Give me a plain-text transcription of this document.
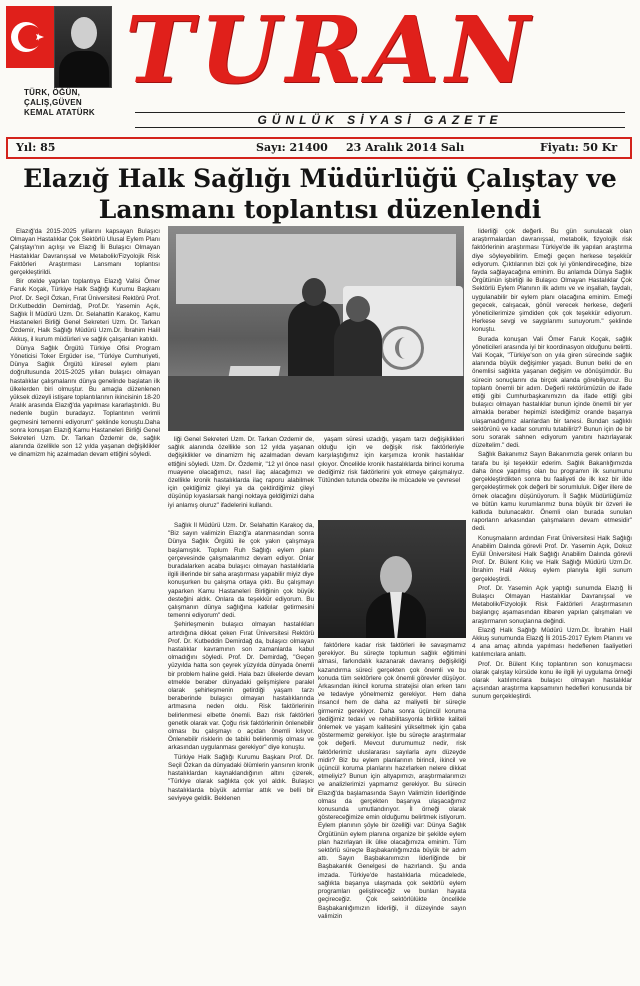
TÜRK, ÖĞÜN,
ÇALIŞ,GÜVEN
KEMAL ATATÜRK
TURAN
GÜNLÜK SİYASİ GAZETE
Yıl: 85	Sayı: 21400 23 Aralık 2014 Salı	Fiyatı: 50 Kr
Elazığ Halk Sağlığı Müdürlüğü Çalıştay ve Lansmanı toplantısı düzenlendi

Elazığ'da 2015-2025 yıllarını kapsayan Bulaşıcı Olmayan Hastalıklar Çok Sektörlü Ulusal Eylem Planı Çalıştayı'nın açılışı ve Elazığ İli Bulaşıcı Olmayan Hastalıklar Davranışsal ve Metabolik/Fizyolojik Risk Faktörleri Araştırması Lansmanı toplantısı gerçekleştirildi.

Bir otelde yapılan toplantıya Elazığ Valisi Ömer Faruk Koçak, Türkiye Halk Sağlığı Kurumu Başkanı Prof. Dr. Seçil Özkan, Fırat Üniversitesi Rektörü Prof. Dr.Kutbeddin Demirdağ, Prof.Dr. Yasemin Açık, Sağlık İl Müdürü Uzm. Dr. Selahattin Karakoç, Kamu Hastaneleri Birliği Genel Sekreteri Uzm. Dr. Tarkan Özdemir, Halk Sağlığı Müdürü Uzm.Dr. İbrahim Halil Akkuş, il kurum müdürleri ve sağlık çalışanları katıldı.

Dünya Sağlık Örgütü Türkiye Ofisi Program Yöneticisi Toker Ergüder ise, "Türkiye Cumhuriyeti, Dünya Sağlık Örgütü küresel eylem planı doğrultusunda 2015-2025 yılları bulaşıcı olmayan hastalıklar çalışmalarını dünya genelinde başlatan ilk ülkelerden biri olmuştur. Bu amaçla düzenlenen yüksek düzeyli istişare toplantılarının ikincisinin 18-20 Aralık arasında Elazığ'da yapılması kararlaştırıldı. Bu nedenle bugün buradayız. Toplantının verimli geçmesini temenni ediyorum" şeklinde konuştu.Daha sonra konuşan Elazığ Kamu Hastaneleri Birliği Genel Sekreteri Uzm. Dr. Tarkan Özdemir de, sağlık alanında özellikle son 12 yılda yaşanan değişiklikler ve dinamizm hiç azalmadan devam ettiğini söyledi.

liği Genel Sekreteri Uzm. Dr. Tarkan Özdemir de, sağlık alanında özellikle son 12 yılda yaşanan değişiklikler ve dinamizm hiç azalmadan devam ettiğini söyledi. Uzm. Dr. Özdemir, "12 yıl önce nasıl muayene olacağımızı, nasıl ilaç alacağımızı ve özellikle kronik hastalıklarda ilaç raporu alabilmek için çektiğimiz çileyi ya da çektirdiğimiz çileyi düşünüp kıyaslarsak hangi noktaya geldiğimizi daha iyi anlamış oluruz" ifadelerini kullandı.

yaşam süresi uzadığı, yaşam tarzı değişiklikleri olduğu için ve değişik risk faktörleriyle karşılaştığımız için karşımıza kronik hastalıklar çıkıyor. Öncelikle kronik hastalıklarda birinci koruma dediğimiz risk faktörlerini yok etmeye çalışmalıyız. Tütünden tutunda obezite ile mücadele ve çevresel

Sağlık İl Müdürü Uzm. Dr. Selahattin Karakoç da, "Biz sayın valimizin Elazığ'a atanmasından sonra Dünya Sağlık Örgütü ile çok yakın çalışmaya başlamıştık. Toplum Ruh Sağlığı eylem planı çerçevesinde çalışmalarımız devam ediyor. Onlar buradalarken acaba bulaşıcı olmayan hastalıklarla ilgili illerinde bir saha araştırması yapabilir miyiz diye konuşurken bu çalışma ortaya çıktı. Bu çalışmayı yaparken Kamu Hastaneleri Birliğinin çok büyük desteğini aldık. Onlara da teşekkür ediyorum. Bu çalışmanın dünya sağlığına katkılar getirmesini temenni ediyorum" dedi.

Şehirleşmenin bulaşıcı olmayan hastalıkları artırdığına dikkat çeken Fırat Üniversitesi Rektörü Prof. Dr. Kutbeddin Demirdağ da, bulaşıcı olmayan hastalıklar kavramının son zamanlarda kabul olmadığını söyledi. Prof. Dr. Demirdağ, "Geçen yüzyılda hatta son çeyrek yüzyılda dünyada önemli bir problem haline geldi. Hala bazı ülkelerde devam etmekle beraber dünyadaki gelişmişlere paralel olarak şehirleşmenin getirdiği yaşam tarzı beraberinde bulaşıcı olmayan hastalıklarında artmasına neden oldu. Risk faktörlerinin belirlenmesi elbette önemli. Bazı risk faktörleri genetik olarak var. Çoğu risk faktörlerinin önlenebilir olması bu çalışmayı o açıdan önemli kılıyor. Önlenebilir risklerin de tabiki belirlenmiş olması ve arkasından uygulanması gerekiyor" diye konuştu.

Türkiye Halk Sağlığı Kurumu Başkanı Prof. Dr. Seçil Özkan da dünyadaki ölümlerin yarısının kronik hastalıklardan kaynaklandığının altını çizerek, "Türkiye olarak sağlıkta çok yol aldık. Bulaşıcı hastalıklarda büyük adımlar attık ve belli bir seviyeye geldik. Beklenen

faktörlere kadar risk faktörleri ile savaşmamız gerekiyor. Bu süreçte toplumun sağlık eğitimini almasi, farkındalık kazanarak davranış değişikliği kazandırma süreci gerçekten çok önemli ve bu konuda tüm sektörlere çok önemli görevler düşüyor. Arkasından ikincil koruma stratejisi olan erken tanı ve tedaviye yönelmemiz gerekiyor. Hem daha insancıl hem de daha az maliyetli bir süreçle girmemiz gerekiyor. Daha sonra üçüncül koruma dediğimiz tedavi ve rehabilitasyonla birlikte kaliteli önlemek ve yaşam kalitesini yükseltmek için çaba göstermemiz gerekiyor. İşte bu süreçte araştırmalar çok değerli. Mevcut durumumuz nedir, risk faktörlerimiz uluslararası sayılarla aynı düzeyde midir? Biz bu eylem planlarının birincil, ikincil ve üçüncül koruma planlarını hazırlarken nelere dikkat etmeliyiz? Bunun için altyapımızı, araştırmalarımızı ve analizlerimizi yapmamız gerekiyor. Bu sürecin Elazığ'da başlamasında Sayın Valimizin liderliğinde olması da gerçekten başarıya ulaşacağımız konusunda umutlandırıyor. İl örneği olarak göstereceğimize emin olduğumu belirtmek istiyorum. Eylem planının şöyle bir özelliği var: Dünya Sağlık Örgütünün eylem planına organize bir şekilde eylem plan hazırlayan ilk ülke olacağımıza eminim. Tüm sektörlü süreçte Başbakanlığımızda büyük bir adım attı. Sayın Başbakanımızın liderliğinde bir Başbakanlık Genelgesi de hazırlandı. Şu anda imzada. Türkiye'de hastalıklarla mücadelede, sağlıkta başarıya ulaşmada çok sektörlü eylem programları geliştireceğiz ve bunları hayata geçireceğiz. Çok sektörlülükte öncelikle Başbakanlığımızın liderliği, il düzeyinde sayın valimizin

liderliği çok değerli. Bu gün sunulacak olan araştırmalardan davranışsal, metabolik, fizyolojik risk faktörlerinin araştırması Türkiye'de ilk yapılan araştırma diye söyleyebilirim. Emeği geçen herkese teşekkür ediyorum. Çıktılarının bizi çok iyi yönlendireceğine, bize fayda sağlayacağına eminim. Bu anlamda Dünya Sağlık Örgütünün işbirliği ile Bulaşıcı Olmayan Hastalıklar Çok Sektörlü Eylem Planının ilk adımı ve ve inşallah, faydalı, uygulanabilir bir eylem planı olacağına eminim. Emeği geçecek, calışacak, gönül verecek herkese, değerli yöneticilerimize şimdiden çok çok teşekkür ediyorum. Herkese sevgi ve saygılarımı sunuyorum." şeklinde konuştu.

Burada konuşan Vali Ömer Faruk Koçak, sağlık yöneticileri arasında iyi bir koordinasyon olduğunu belirtti. Vali Koçak, "Türkiye'son on yıla giren sürecinde sağlık alanında büyük değişimler yaşadı. Bunun belki de en önemlisi sağlıkta yaşanan değişim ve dönüşümdür. Bu sürecin sonuçlarını da birçok alanda görebiliyoruz. Bu toplantı önemli bir adım. Değerli rektörümüzün de ifade ettiği gibi Cumhurbaşkanımızın da ifade ettiği gibi bulaşıcı olmayan hastalıklar bunun içinde önemli bir yer almakla beraber hepimizi istediğimiz orande başarıya ulaşamadığımız alanlardan bir tanesi. Bundan sağlıklı sektörünü ve kadar sorumlu tutabiliriz? Bunun için de bir soru sorarak sahnen ediyorum yanıtını hazırlayarak düzeltelim." dedi.

Sağlık Bakanımız Sayın Bakanımızla gerek onların bu tarafa bu işi teşekkür ederim. Sağlık Bakanlığımızda daha önce yapılmış olan bu programın ilk sunumunu gerçekleştirdikten sonra bu faaliyeti de ilk kez bir ilde gerçekleştirmek çok değerli bir sorumluluk. Diğer illere de örnek olacağını düşünüyorum. İl Sağlık Müdürlüğümüz ve bütün kamu kurumlarımız buna büyük bir özveri ile katkıda bulunacaktır. Önemli olan burada sunulan raporların arkasından çalışmaların devam etmesidir" dedi.

Konuşmaların ardından Fırat Üniversitesi Halk Sağlığı Anabilim Dalında görevli Prof. Dr. Yasemin Açık, Dokuz Eylül Üniversitesi Halk Sağlığı Anabilim Dalında görevli Prof. Dr. Bülent Kılıç ve Halk Sağlığı Müdürü Uzm.Dr. İbrahim Halil Akkuş eylem planıyla ilgili sunum gerçekleştirdi.

Prof. Dr. Yasemin Açık yaptığı sunumda Elazığ İli Bulaşıcı Olmayan Hastalıklar Davranışsal ve Metabolik/Fizyolojik Risk Faktörleri Araştırmasının başlangıç aşamasından itibaren yapılan çalışmaları ve araştırmanın sonuçlarına değindi.

Elazığ Halk Sağlığı Müdürü Uzm.Dr. İbrahim Halil Akkuş sunumunda Elazığ İli 2015-2017 Eylem Planını ve 4 ana amaç altında yapılması hedeflenen faaliyetleri katılımcılara anlattı.

Prof. Dr. Bülent Kılıç toplantının son konuşmacısı olarak çalıştay kürsüde konu ile ilgili iyi uygulama örneği olarak katılımcılara bulaşıcı olmayan hastalıklar açısından araştırma kapsamının hedefleri konusunda bir sunum gerçekleştirdi.
